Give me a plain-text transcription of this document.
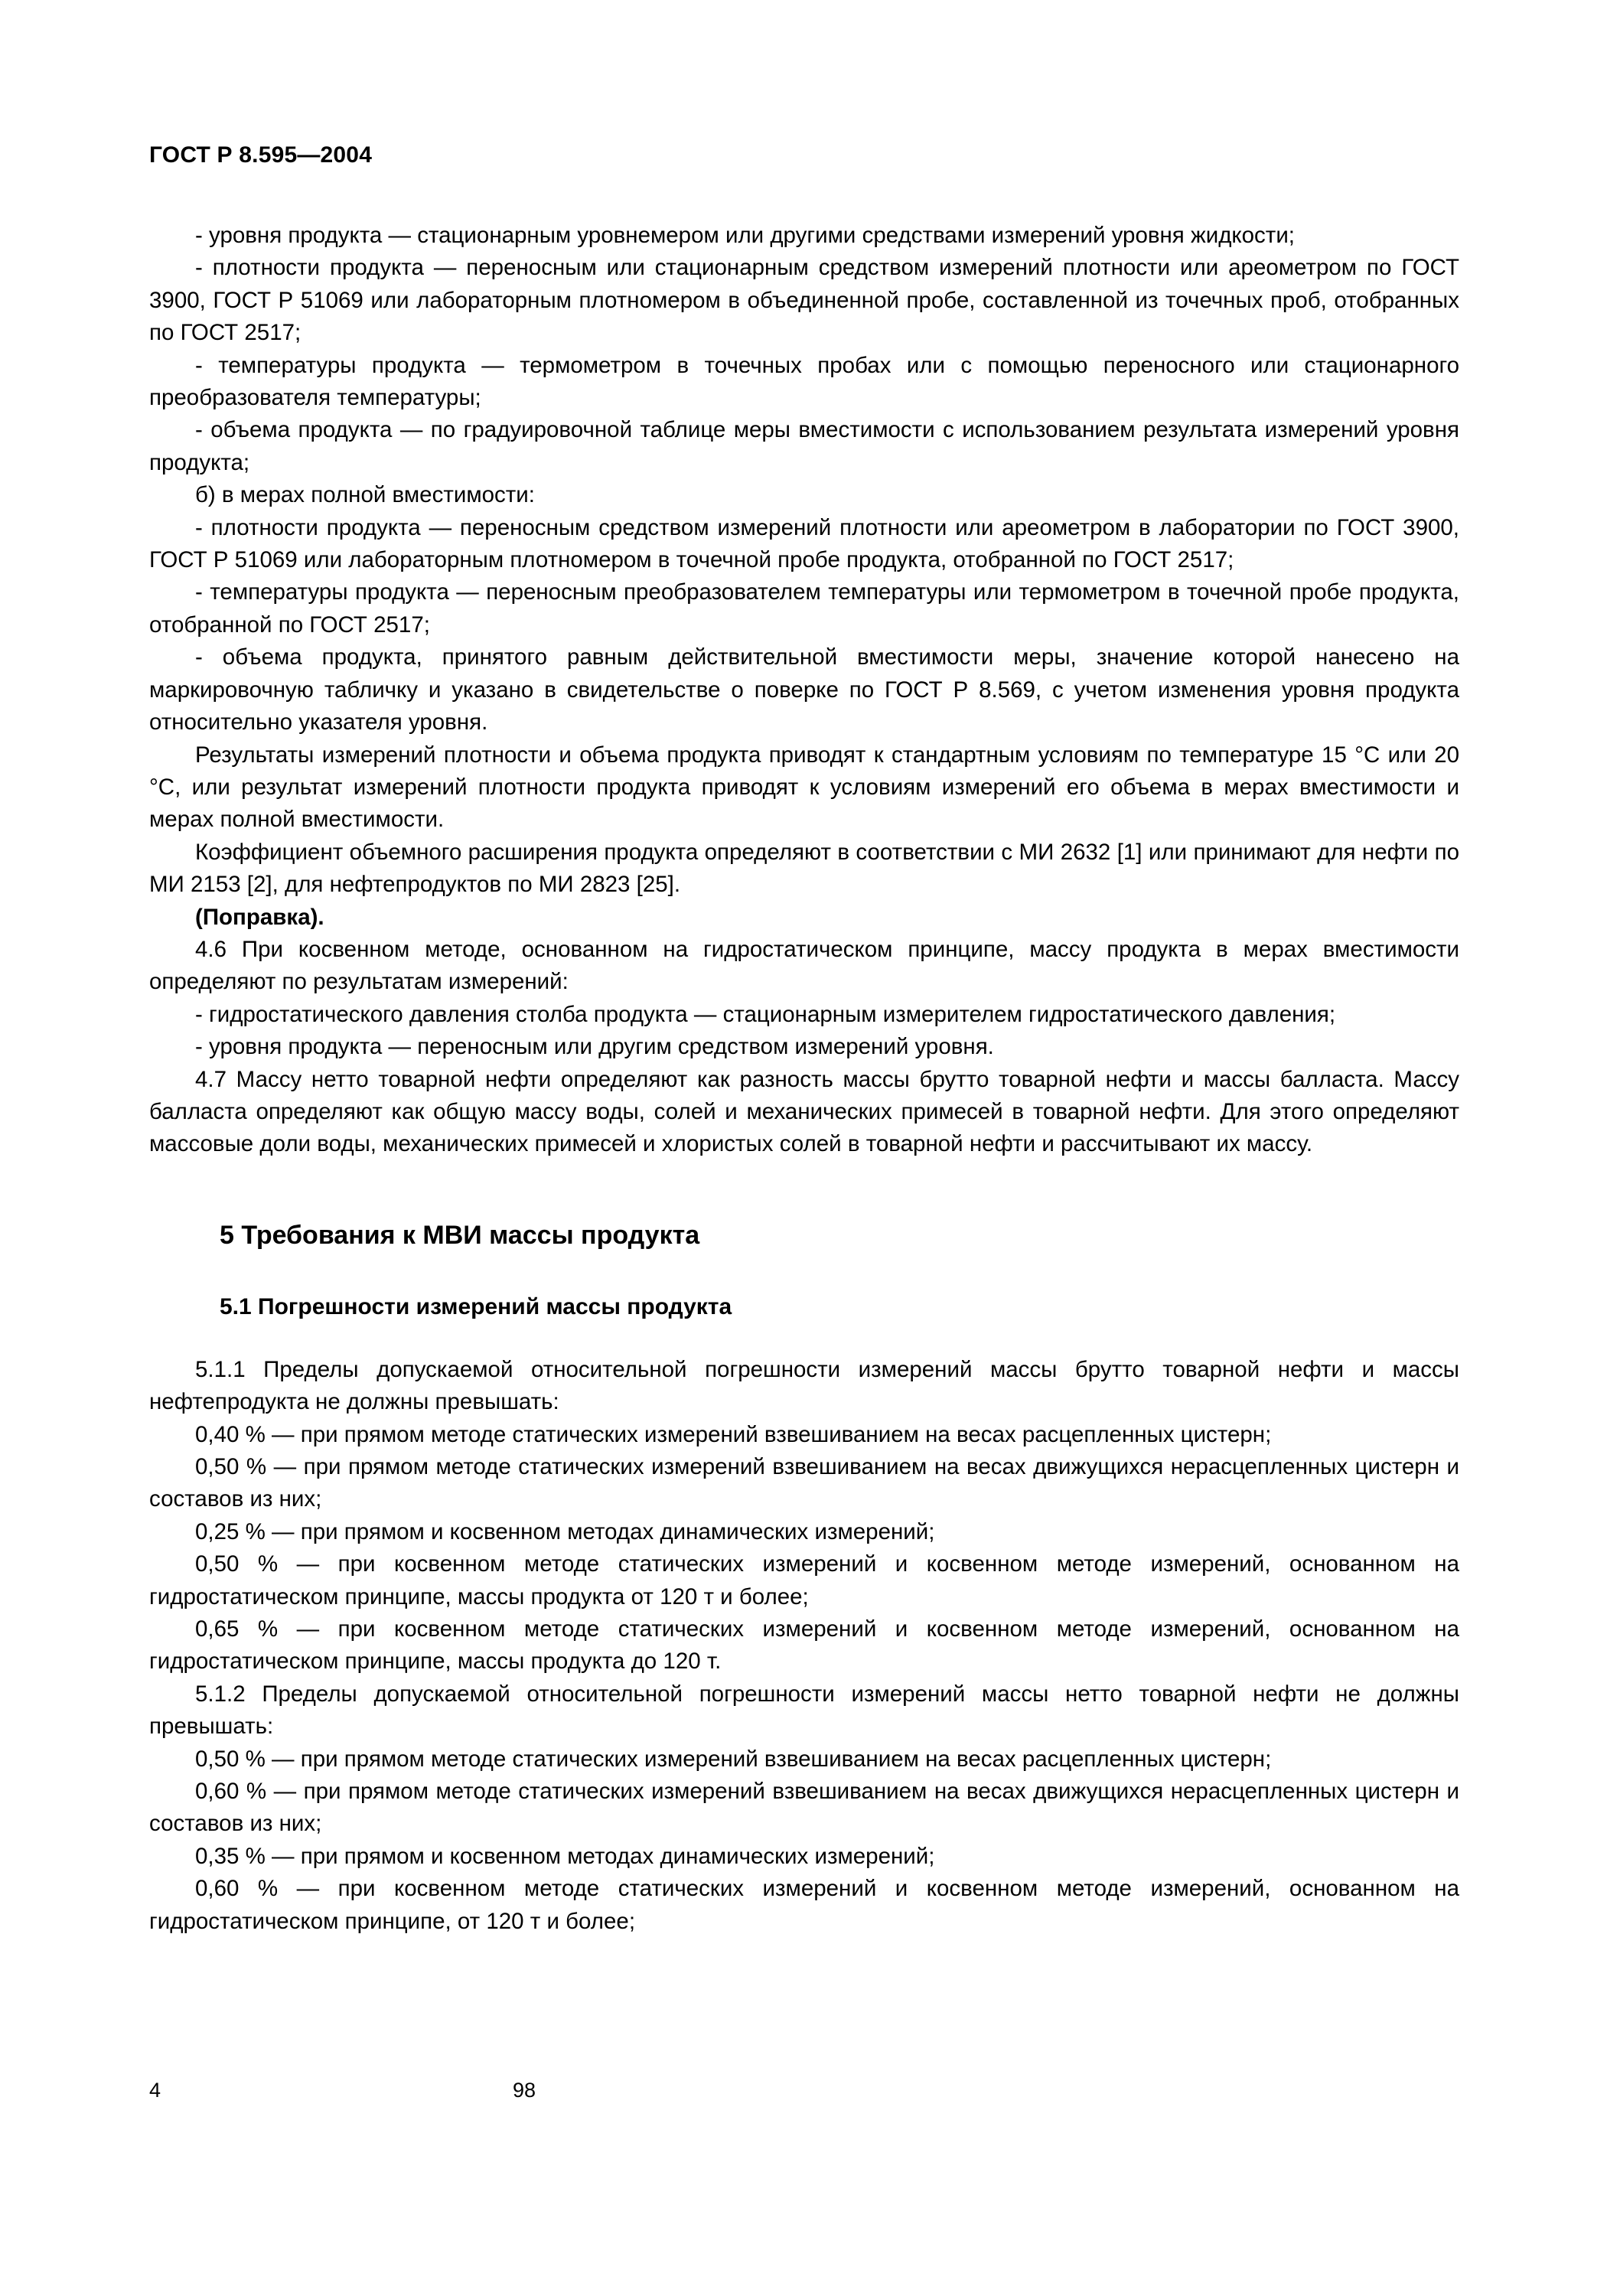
ГОСТ Р 8.595—2004

- уровня продукта — стационарным уровнемером или другими средствами измерений уровня жидкости;

- плотности продукта — переносным или стационарным средством измерений плотности или ареометром по ГОСТ 3900, ГОСТ Р 51069 или лабораторным плотномером в объединенной пробе, составленной из точечных проб, отобранных по ГОСТ 2517;

- температуры продукта — термометром в точечных пробах или с помощью переносного или стационарного преобразователя температуры;

- объема продукта — по градуировочной таблице меры вместимости с использованием результата измерений уровня продукта;

б) в мерах полной вместимости:

- плотности продукта — переносным средством измерений плотности или ареометром в лаборатории по ГОСТ 3900, ГОСТ Р 51069 или лабораторным плотномером в точечной пробе продукта, отобранной по ГОСТ 2517;

- температуры продукта — переносным преобразователем температуры или термометром в точечной пробе продукта, отобранной по ГОСТ 2517;

- объема продукта, принятого равным действительной вместимости меры, значение которой нанесено на маркировочную табличку и указано в свидетельстве о поверке по ГОСТ Р 8.569, с учетом изменения уровня продукта относительно указателя уровня.

Результаты измерений плотности и объема продукта приводят к стандартным условиям по температуре 15 °C или 20 °C, или результат измерений плотности продукта приводят к условиям измерений его объема в мерах вместимости и мерах полной вместимости.

Коэффициент объемного расширения продукта определяют в соответствии с МИ 2632 [1] или принимают для нефти по МИ 2153 [2], для нефтепродуктов по МИ 2823 [25].

(Поправка).

4.6 При косвенном методе, основанном на гидростатическом принципе, массу продукта в мерах вместимости определяют по результатам измерений:

- гидростатического давления столба продукта — стационарным измерителем гидростатического давления;

- уровня продукта — переносным или другим средством измерений уровня.

4.7 Массу нетто товарной нефти определяют как разность массы брутто товарной нефти и массы балласта. Массу балласта определяют как общую массу воды, солей и механических примесей в товарной нефти. Для этого определяют массовые доли воды, механических примесей и хлористых солей в товарной нефти и рассчитывают их массу.

5 Требования к МВИ массы продукта
5.1 Погрешности измерений массы продукта

5.1.1 Пределы допускаемой относительной погрешности измерений массы брутто товарной нефти и массы нефтепродукта не должны превышать:

0,40 % — при прямом методе статических измерений взвешиванием на весах расцепленных цистерн;

0,50 % — при прямом методе статических измерений взвешиванием на весах движущихся нерасцепленных цистерн и составов из них;

0,25 % — при прямом и косвенном методах динамических измерений;

0,50 % — при косвенном методе статических измерений и косвенном методе измерений, основанном на гидростатическом принципе, массы продукта от 120 т и более;

0,65 % — при косвенном методе статических измерений и косвенном методе измерений, основанном на гидростатическом принципе, массы продукта до 120 т.

5.1.2 Пределы допускаемой относительной погрешности измерений массы нетто товарной нефти не должны превышать:

0,50 % — при прямом методе статических измерений взвешиванием на весах расцепленных цистерн;

0,60 % — при прямом методе статических измерений взвешиванием на весах движущихся нерасцепленных цистерн и составов из них;

0,35 % — при прямом и косвенном методах динамических измерений;

0,60 % — при косвенном методе статических измерений и косвенном методе измерений, основанном на гидростатическом принципе, от 120 т и более;

4	98
